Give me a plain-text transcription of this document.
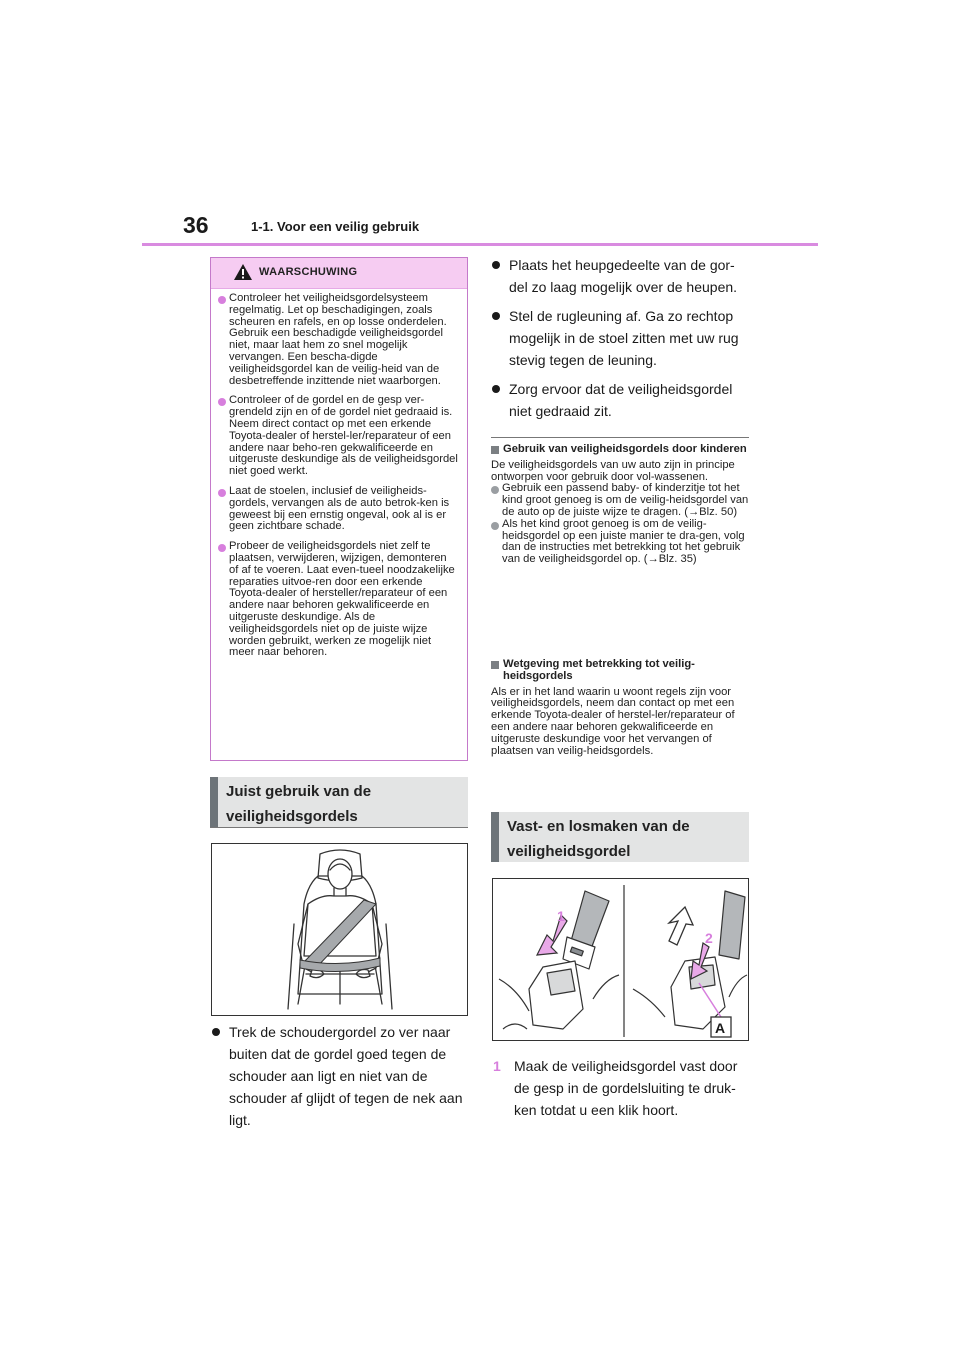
36	1-1. Voor een veilig gebruik
WAARSCHUWING
Controleer het veiligheidsgordelsysteem regelmatig. Let op beschadigingen, zoals scheuren en rafels, en op losse onderdelen. Gebruik een beschadigde veiligheidsgordel niet, maar laat hem zo snel mogelijk vervangen. Een bescha-digde veiligheidsgordel kan de veilig-heid van de desbetreffende inzittende niet waarborgen.
Controleer of de gordel en de gesp ver-grendeld zijn en of de gordel niet gedraaid is. Neem direct contact op met een erkende Toyota-dealer of herstel-ler/reparateur of een andere naar beho-ren gekwalificeerde en uitgeruste deskundige als de veiligheidsgordel niet goed werkt.
Laat de stoelen, inclusief de veiligheids-gordels, vervangen als de auto betrok-ken is geweest bij een ernstig ongeval, ook al is er geen zichtbare schade.
Probeer de veiligheidsgordels niet zelf te plaatsen, verwijderen, wijzigen, demonteren of af te voeren. Laat even-tueel noodzakelijke reparaties uitvoe-ren door een erkende Toyota-dealer of hersteller/reparateur of een andere naar behoren gekwalificeerde en uitgeruste deskundige. Als de veiligheidsgordels niet op de juiste wijze worden gebruikt, werken ze mogelijk niet meer naar behoren.
Juist gebruik van de veiligheidsgordels
Trek de schoudergordel zo ver naar buiten dat de gordel goed tegen de schouder aan ligt en niet van de schouder af glijdt of tegen de nek aan ligt.
Plaats het heupgedeelte van de gor-del zo laag mogelijk over de heupen.
Stel de rugleuning af. Ga zo rechtop mogelijk in de stoel zitten met uw rug stevig tegen de leuning.
Zorg ervoor dat de veiligheidsgordel niet gedraaid zit.
Gebruik van veiligheidsgordels door kinderen
De veiligheidsgordels van uw auto zijn in principe ontworpen voor gebruik door vol-wassenen.
Gebruik een passend baby- of kinderzitje tot het kind groot genoeg is om de veilig-heidsgordel van de auto op de juiste wijze te dragen. (→Blz. 50)
Als het kind groot genoeg is om de veilig-heidsgordel op een juiste manier te dra-gen, volg dan de instructies met betrekking tot het gebruik van de veiligheidsgordel op. (→Blz. 35)
Wetgeving met betrekking tot veilig-heidsgordels
Als er in het land waarin u woont regels zijn voor veiligheidsgordels, neem dan contact op met een erkende Toyota-dealer of herstel-ler/reparateur of een andere naar behoren gekwalificeerde en uitgeruste deskundige voor het vervangen of plaatsen van veilig-heidsgordels.
Vast- en losmaken van de veiligheidsgordel
1
2
A
1 Maak de veiligheidsgordel vast door de gesp in de gordelsluiting te druk-ken totdat u een klik hoort.
